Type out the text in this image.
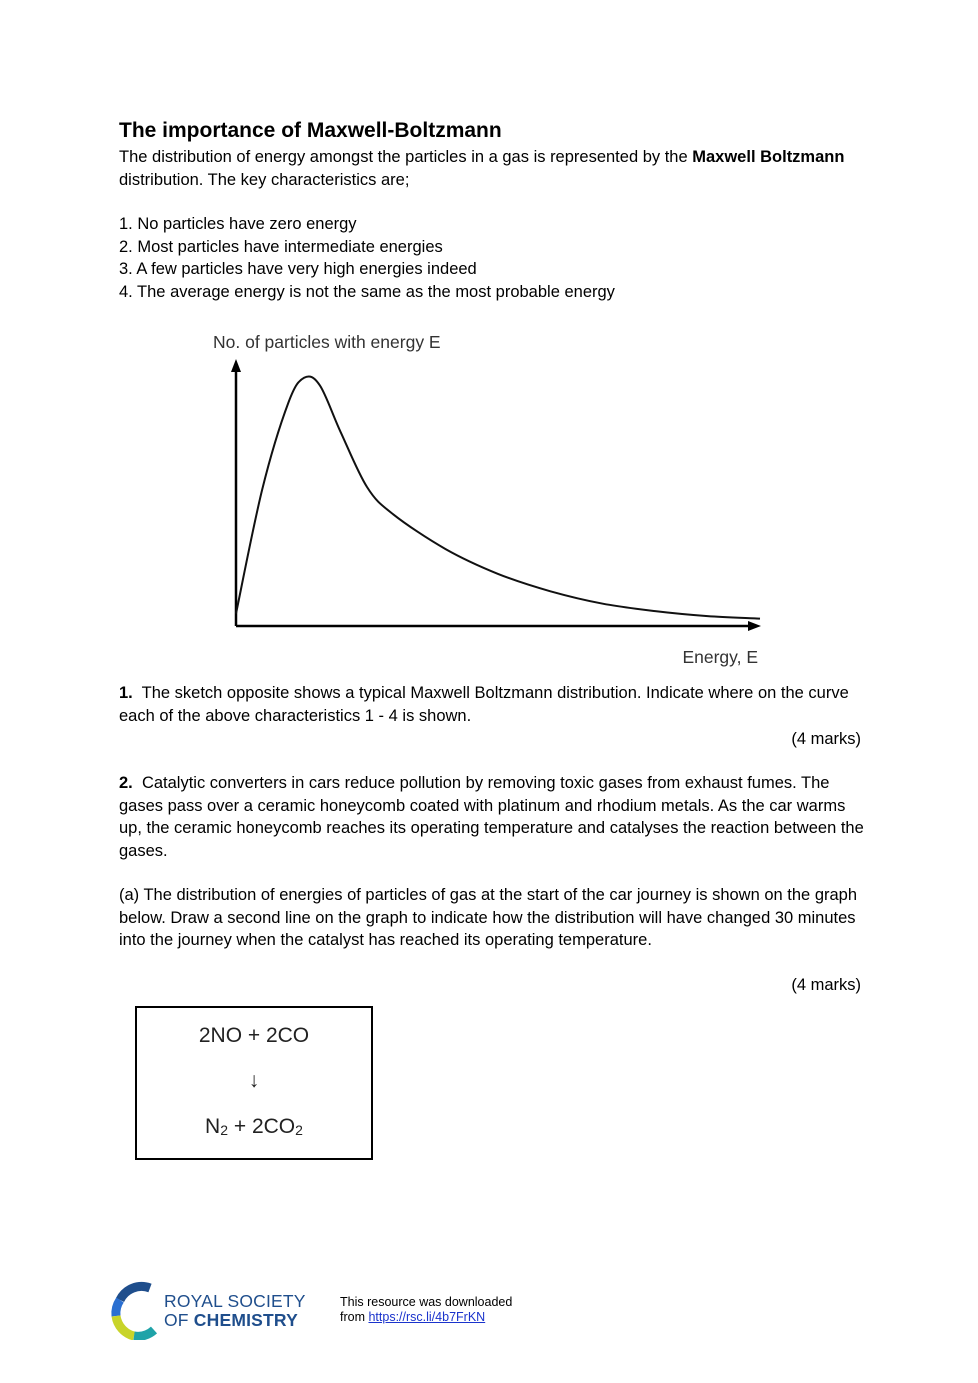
The importance of Maxwell-Boltzmann

The distribution of energy amongst the particles in a gas is represented by the Maxwell Boltzmann distribution. The key characteristics are;

1. No particles have zero energy
2. Most particles have intermediate energies
3. A few particles have very high energies indeed
4. The average energy is not the same as the most probable energy
No. of particles with energy E
Energy, E

1. The sketch opposite shows a typical Maxwell Boltzmann distribution. Indicate where on the curve each of the above characteristics 1 - 4 is shown.

(4 marks)

2. Catalytic converters in cars reduce pollution by removing toxic gases from exhaust fumes. The gases pass over a ceramic honeycomb coated with platinum and rhodium metals. As the car warms up, the ceramic honeycomb reaches its operating temperature and catalyses the reaction between the gases.

(a) The distribution of energies of particles of gas at the start of the car journey is shown on the graph below. Draw a second line on the graph to indicate how the distribution will have changed 30 minutes into the journey when the catalyst has reached its operating temperature.

(4 marks)
2NO + 2CO
↓
$N_2 + 2CO_2$
ROYAL SOCIETY
OF CHEMISTRY
This resource was downloaded
from https://rsc.li/4b7FrKN
